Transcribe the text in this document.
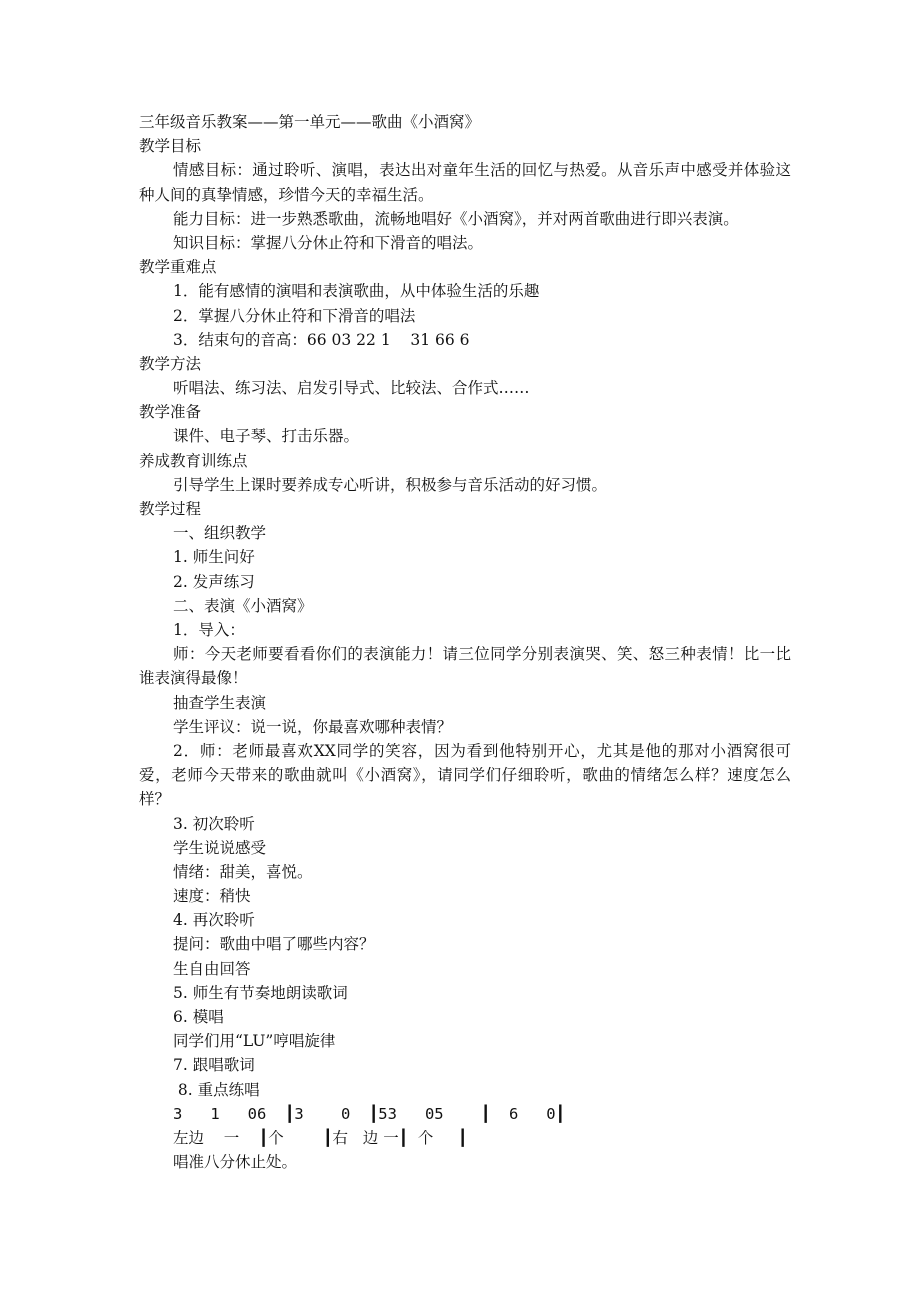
三年级音乐教案——第一单元——歌曲《小酒窝》
教学目标
情感目标：通过聆听、演唱，表达出对童年生活的回忆与热爱。从音乐声中感受并体验这种人间的真挚情感，珍惜今天的幸福生活。
能力目标：进一步熟悉歌曲，流畅地唱好《小酒窝》，并对两首歌曲进行即兴表演。
知识目标：掌握八分休止符和下滑音的唱法。
教学重难点
1．能有感情的演唱和表演歌曲，从中体验生活的乐趣
2．掌握八分休止符和下滑音的唱法
3．结束句的音高：66 03 22 1    31 66 6
教学方法
听唱法、练习法、启发引导式、比较法、合作式……
教学准备
课件、电子琴、打击乐器。
养成教育训练点
引导学生上课时要养成专心听讲，积极参与音乐活动的好习惯。
教学过程
一、组织教学
1. 师生问好
2. 发声练习
二、表演《小酒窝》
1．导入：
师：今天老师要看看你们的表演能力！请三位同学分别表演哭、笑、怒三种表情！比一比谁表演得最像！
抽查学生表演
学生评议：说一说，你最喜欢哪种表情？
2．师：老师最喜欢XX同学的笑容，因为看到他特别开心，尤其是他的那对小酒窝很可爱，老师今天带来的歌曲就叫《小酒窝》，请同学们仔细聆听，歌曲的情绪怎么样？速度怎么样？
3. 初次聆听
学生说说感受
情绪：甜美，喜悦。
速度：稍快
4. 再次聆听
提问：歌曲中唱了哪些内容？
生自由回答
5. 师生有节奏地朗读歌词
6. 模唱
同学们用“LU”哼唱旋律
7. 跟唱歌词
8. 重点练唱
3   1   06  ┃3    0  ┃53   05    ┃  6   0┃
左边    一    ┃个        ┃右   边 一┃  个     ┃
唱准八分休止处。
